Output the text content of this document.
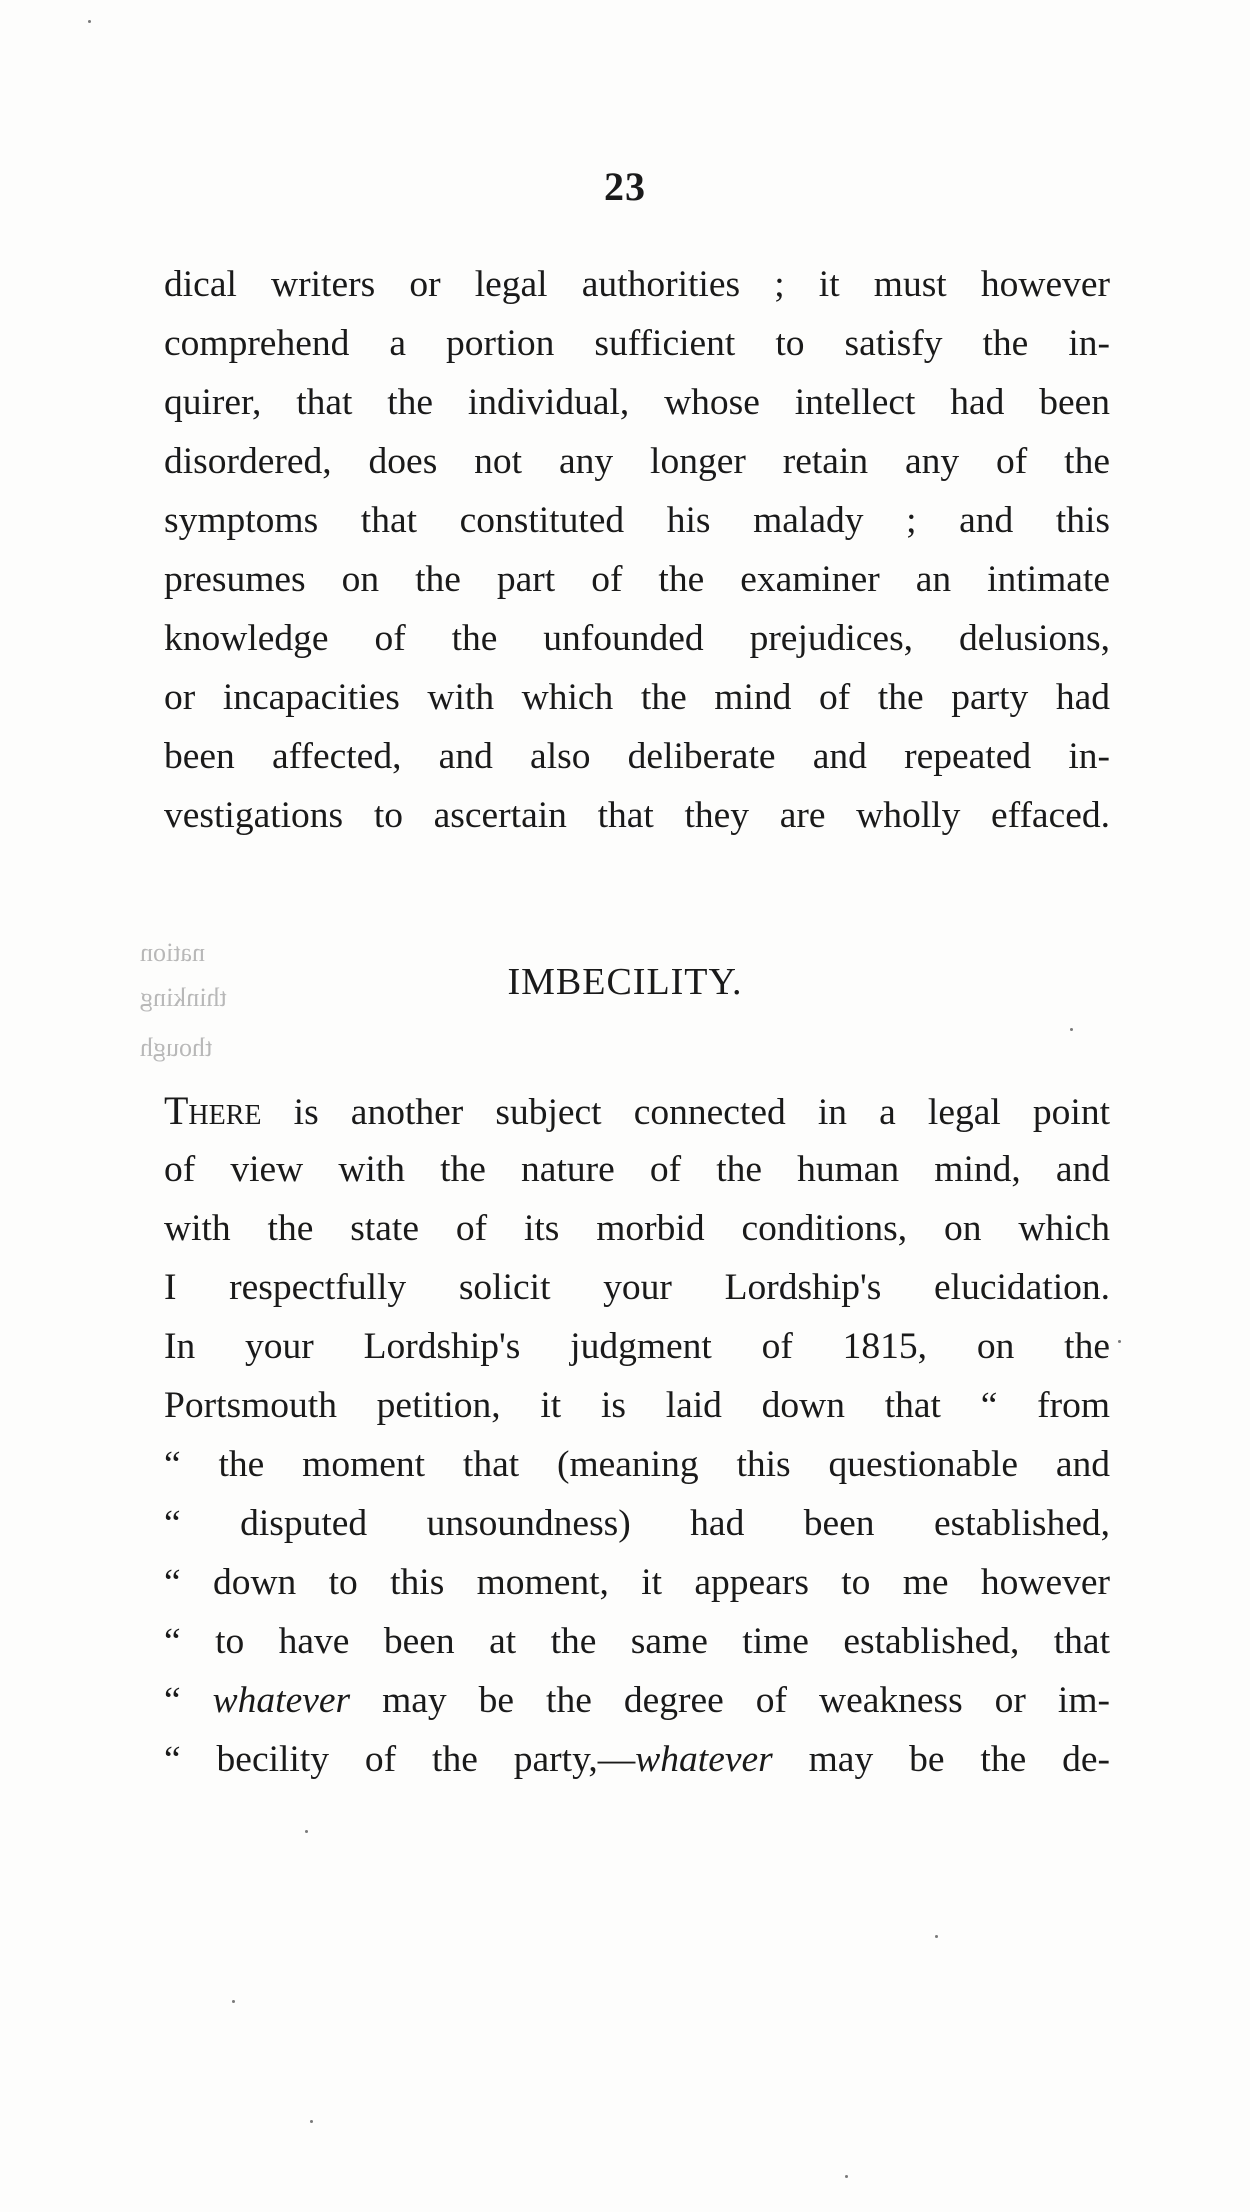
23
dical writers or legal authorities ; it must however
comprehend a portion sufficient to satisfy the in-
quirer, that the individual, whose intellect had been
disordered, does not any longer retain any of the
symptoms that constituted his malady ; and this
presumes on the part of the examiner an intimate
knowledge of the unfounded prejudices, delusions,
or incapacities with which the mind of the party had
been affected, and also deliberate and repeated in-
vestigations to ascertain that they are wholly effaced.
IMBECILITY.
There is another subject connected in a legal point
of view with the nature of the human mind, and
with the state of its morbid conditions, on which
I respectfully solicit your Lordship's elucidation.
In your Lordship's judgment of 1815, on the
Portsmouth petition, it is laid down that “ from
“ the moment that (meaning this questionable and
“ disputed unsoundness) had been established,
“ down to this moment, it appears to me however
“ to have been at the same time established, that
“ whatever may be the degree of weakness or im-
“ becility of the party,—whatever may be the de-
nation
thinking
though
